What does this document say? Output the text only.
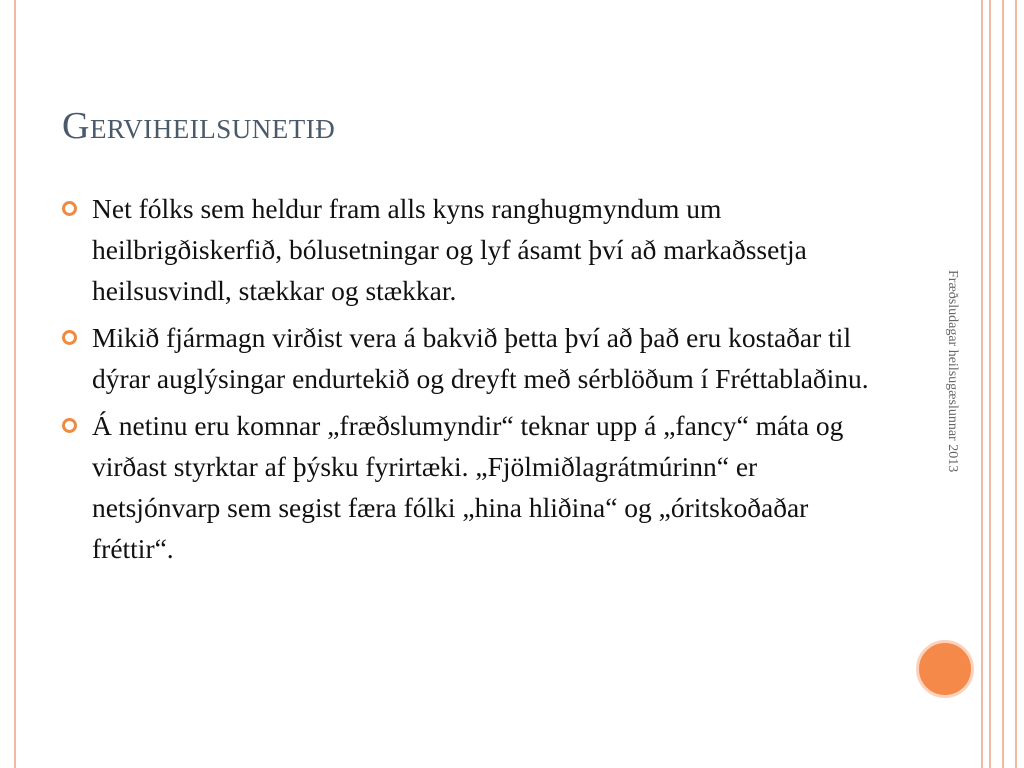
Gerviheilsunetið
Net fólks sem heldur fram alls kyns ranghugmyndum um heilbrigðiskerfið, bólusetningar og lyf ásamt því að markaðssetja heilsusvindl, stækkar og stækkar.
Mikið fjármagn virðist vera á bakvið þetta því að það eru kostaðar til dýrar auglýsingar endurtekið og dreyft með sérblöðum í Fréttablaðinu.
Á netinu eru komnar „fræðslumyndir“ teknar upp á „fancy“ máta og virðast styrktar af þýsku fyrirtæki. „Fjölmiðlagrátmúrinn“ er netsjónvarp sem segist færa fólki „hina hliðina“ og „óritskoðaðar fréttir“.
Fræðsludagar heilsugæslunnar 2013
